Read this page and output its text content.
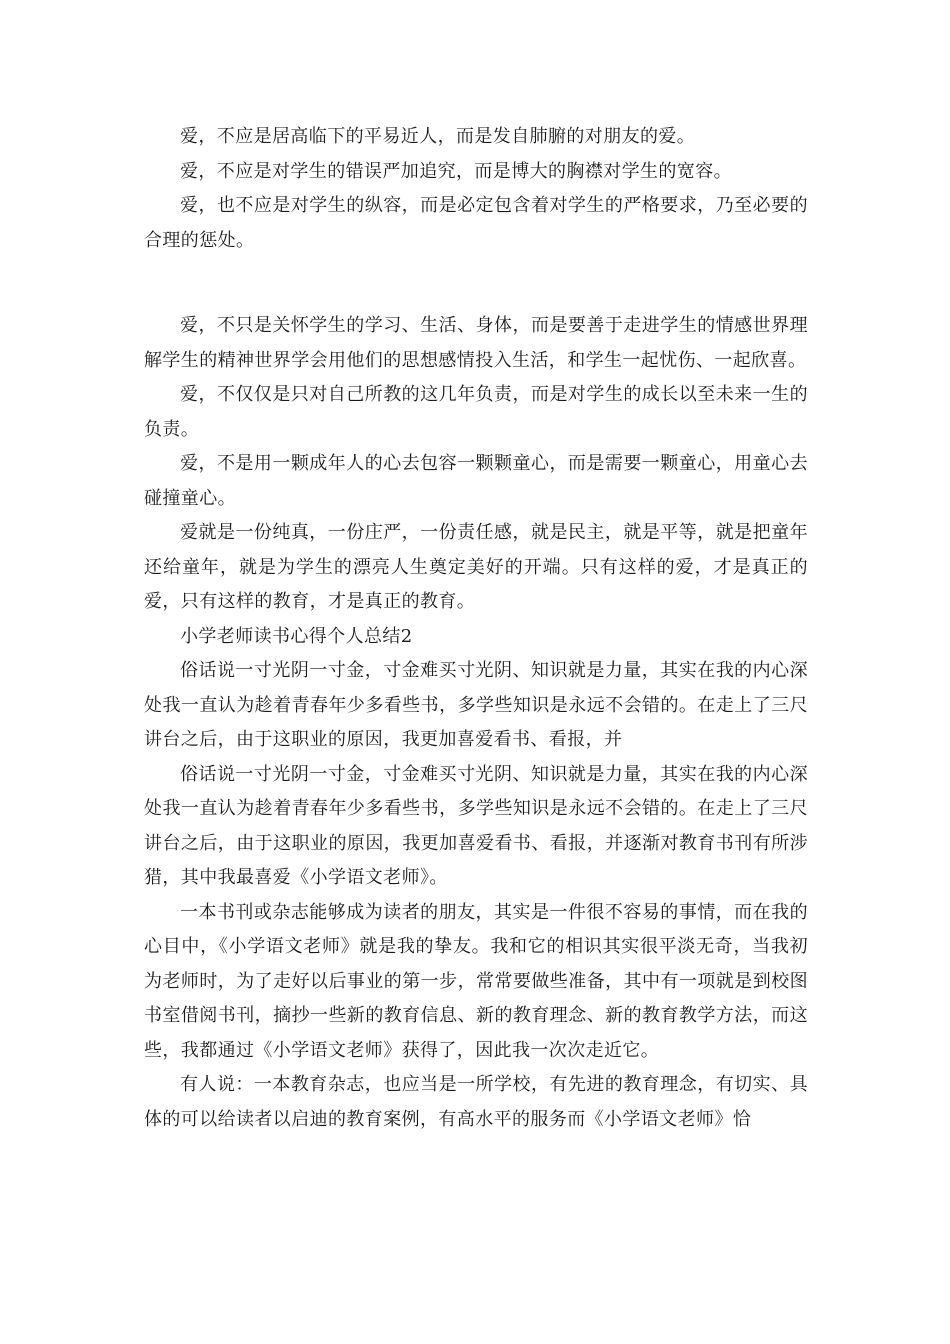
爱，不应是居高临下的平易近人，而是发自肺腑的对朋友的爱。

爱，不应是对学生的错误严加追究，而是博大的胸襟对学生的宽容。

爱，也不应是对学生的纵容，而是必定包含着对学生的严格要求，乃至必要的合理的惩处。

爱，不只是关怀学生的学习、生活、身体，而是要善于走进学生的情感世界理解学生的精神世界学会用他们的思想感情投入生活，和学生一起忧伤、一起欣喜。

爱，不仅仅是只对自己所教的这几年负责，而是对学生的成长以至未来一生的负责。

爱，不是用一颗成年人的心去包容一颗颗童心，而是需要一颗童心，用童心去碰撞童心。

爱就是一份纯真，一份庄严，一份责任感，就是民主，就是平等，就是把童年还给童年，就是为学生的漂亮人生奠定美好的开端。只有这样的爱，才是真正的爱，只有这样的教育，才是真正的教育。

小学老师读书心得个人总结2

俗话说一寸光阴一寸金，寸金难买寸光阴、知识就是力量，其实在我的内心深处我一直认为趁着青春年少多看些书，多学些知识是永远不会错的。在走上了三尺讲台之后，由于这职业的原因，我更加喜爱看书、看报，并

俗话说一寸光阴一寸金，寸金难买寸光阴、知识就是力量，其实在我的内心深处我一直认为趁着青春年少多看些书，多学些知识是永远不会错的。在走上了三尺讲台之后，由于这职业的原因，我更加喜爱看书、看报，并逐渐对教育书刊有所涉猎，其中我最喜爱《小学语文老师》。

一本书刊或杂志能够成为读者的朋友，其实是一件很不容易的事情，而在我的心目中，《小学语文老师》就是我的挚友。我和它的相识其实很平淡无奇，当我初为老师时，为了走好以后事业的第一步，常常要做些准备，其中有一项就是到校图书室借阅书刊，摘抄一些新的教育信息、新的教育理念、新的教育教学方法，而这些，我都通过《小学语文老师》获得了，因此我一次次走近它。

有人说：一本教育杂志，也应当是一所学校，有先进的教育理念，有切实、具体的可以给读者以启迪的教育案例，有高水平的服务而《小学语文老师》恰
